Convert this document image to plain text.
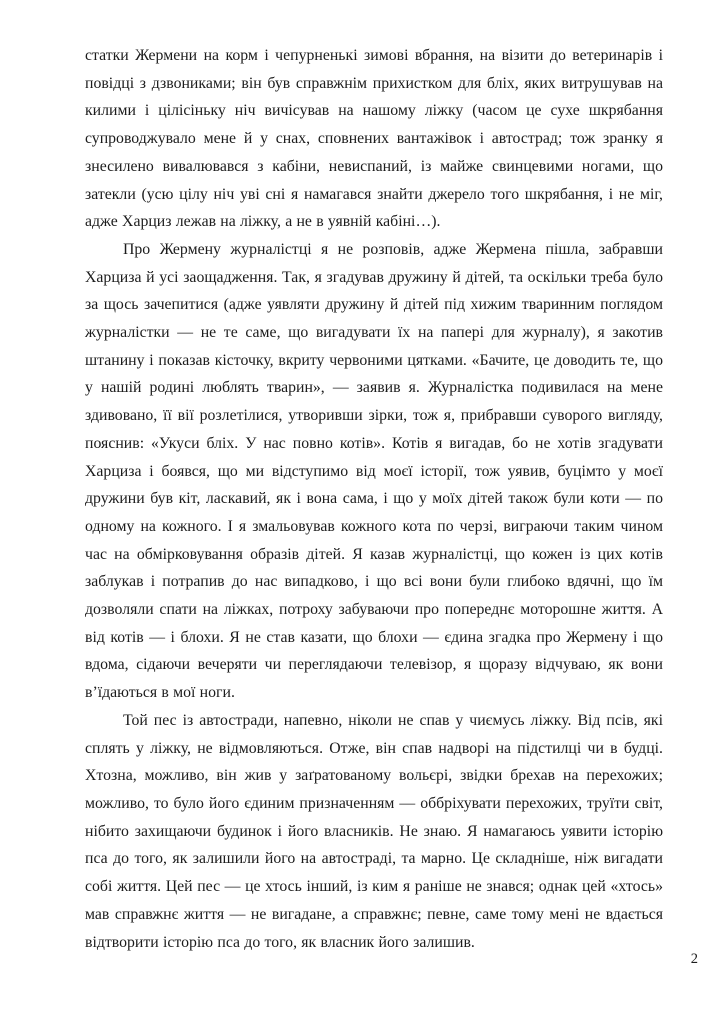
статки Жермени на корм і чепурненькі зимові вбрання, на візити до ветеринарів і повідці з дзвониками; він був справжнім прихистком для бліх, яких витрушував на килими і цілісіньку ніч вичісував на нашому ліжку (часом це сухе шкрябання супроводжувало мене й у снах, сповнених вантажівок і автострад; тож зранку я знесилено вивалювався з кабіни, невиспаний, із майже свинцевими ногами, що затекли (усю цілу ніч уві сні я намагався знайти джерело того шкрябання, і не міг, адже Харциз лежав на ліжку, а не в уявній кабіні…).

Про Жермену журналістці я не розповів, адже Жермена пішла, забравши Харциза й усі заощадження. Так, я згадував дружину й дітей, та оскільки треба було за щось зачепитися (адже уявляти дружину й дітей під хижим тваринним поглядом журналістки — не те саме, що вигадувати їх на папері для журналу), я закотив штанину і показав кісточку, вкриту червоними цятками. «Бачите, це доводить те, що у нашій родині люблять тварин», — заявив я. Журналістка подивилася на мене здивовано, її вії розлетілися, утворивши зірки, тож я, прибравши суворого вигляду, пояснив: «Укуси бліх. У нас повно котів». Котів я вигадав, бо не хотів згадувати Харциза і боявся, що ми відступимо від моєї історії, тож уявив, буцімто у моєї дружини був кіт, ласкавий, як і вона сама, і що у моїх дітей також були коти — по одному на кожного. І я змальовував кожного кота по черзі, виграючи таким чином час на обмірковування образів дітей. Я казав журналістці, що кожен із цих котів заблукав і потрапив до нас випадково, і що всі вони були глибоко вдячні, що їм дозволяли спати на ліжках, потроху забуваючи про попереднє моторошне життя. А від котів — і блохи. Я не став казати, що блохи — єдина згадка про Жермену і що вдома, сідаючи вечеряти чи переглядаючи телевізор, я щоразу відчуваю, як вони в’їдаються в мої ноги.

Той пес із автостради, напевно, ніколи не спав у чиємусь ліжку. Від псів, які сплять у ліжку, не відмовляються. Отже, він спав надворі на підстилці чи в будці. Хтозна, можливо, він жив у заґратованому вольєрі, звідки брехав на перехожих; можливо, то було його єдиним призначенням — оббріхувати перехожих, труїти світ, нібито захищаючи будинок і його власників. Не знаю. Я намагаюсь уявити історію пса до того, як залишили його на автостраді, та марно. Це складніше, ніж вигадати собі життя. Цей пес — це хтось інший, із ким я раніше не знався; однак цей «хтось» мав справжнє життя — не вигадане, а справжнє; певне, саме тому мені не вдається відтворити історію пса до того, як власник його залишив.

2
